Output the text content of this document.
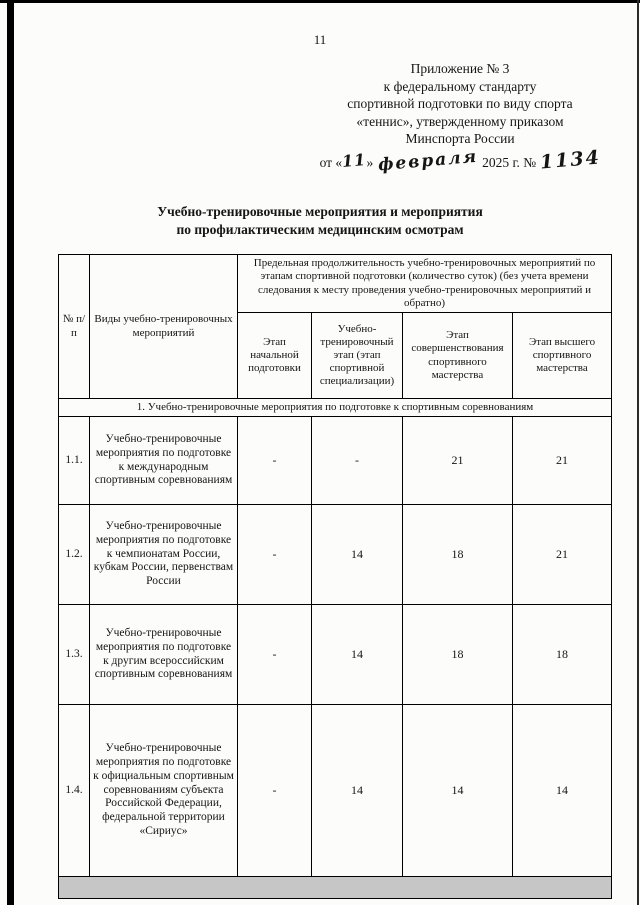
11
Приложение № 3
к федеральному стандарту
спортивной подготовки по виду спорта
«теннис», утвержденному приказом
Минспорта России
от «11» февраля 2025 г. № 1134
Учебно-тренировочные мероприятия и мероприятия
по профилактическим медицинским осмотрам
№ п/п	Виды учебно-тренировочных мероприятий	Предельная продолжительность учебно-тренировочных мероприятий по этапам спортивной подготовки (количество суток) (без учета времени следования к месту проведения учебно-тренировочных мероприятий и обратно)			
		Этап начальной подготовки	Учебно-тренировочный этап (этап спортивной специализации)	Этап совершенствования спортивного мастерства	Этап высшего спортивного мастерства
1. Учебно-тренировочные мероприятия по подготовке к спортивным соревнованиям					
1.1.	Учебно-тренировочные мероприятия по подготовке к международным спортивным соревнованиям	-	-	21	21
1.2.	Учебно-тренировочные мероприятия по подготовке к чемпионатам России, кубкам России, первенствам России	-	14	18	21
1.3.	Учебно-тренировочные мероприятия по подготовке к другим всероссийским спортивным соревнованиям	-	14	18	18
1.4.	Учебно-тренировочные мероприятия по подготовке к официальным спортивным соревнованиям субъекта Российской Федерации, федеральной территории «Сириус»	-	14	14	14
